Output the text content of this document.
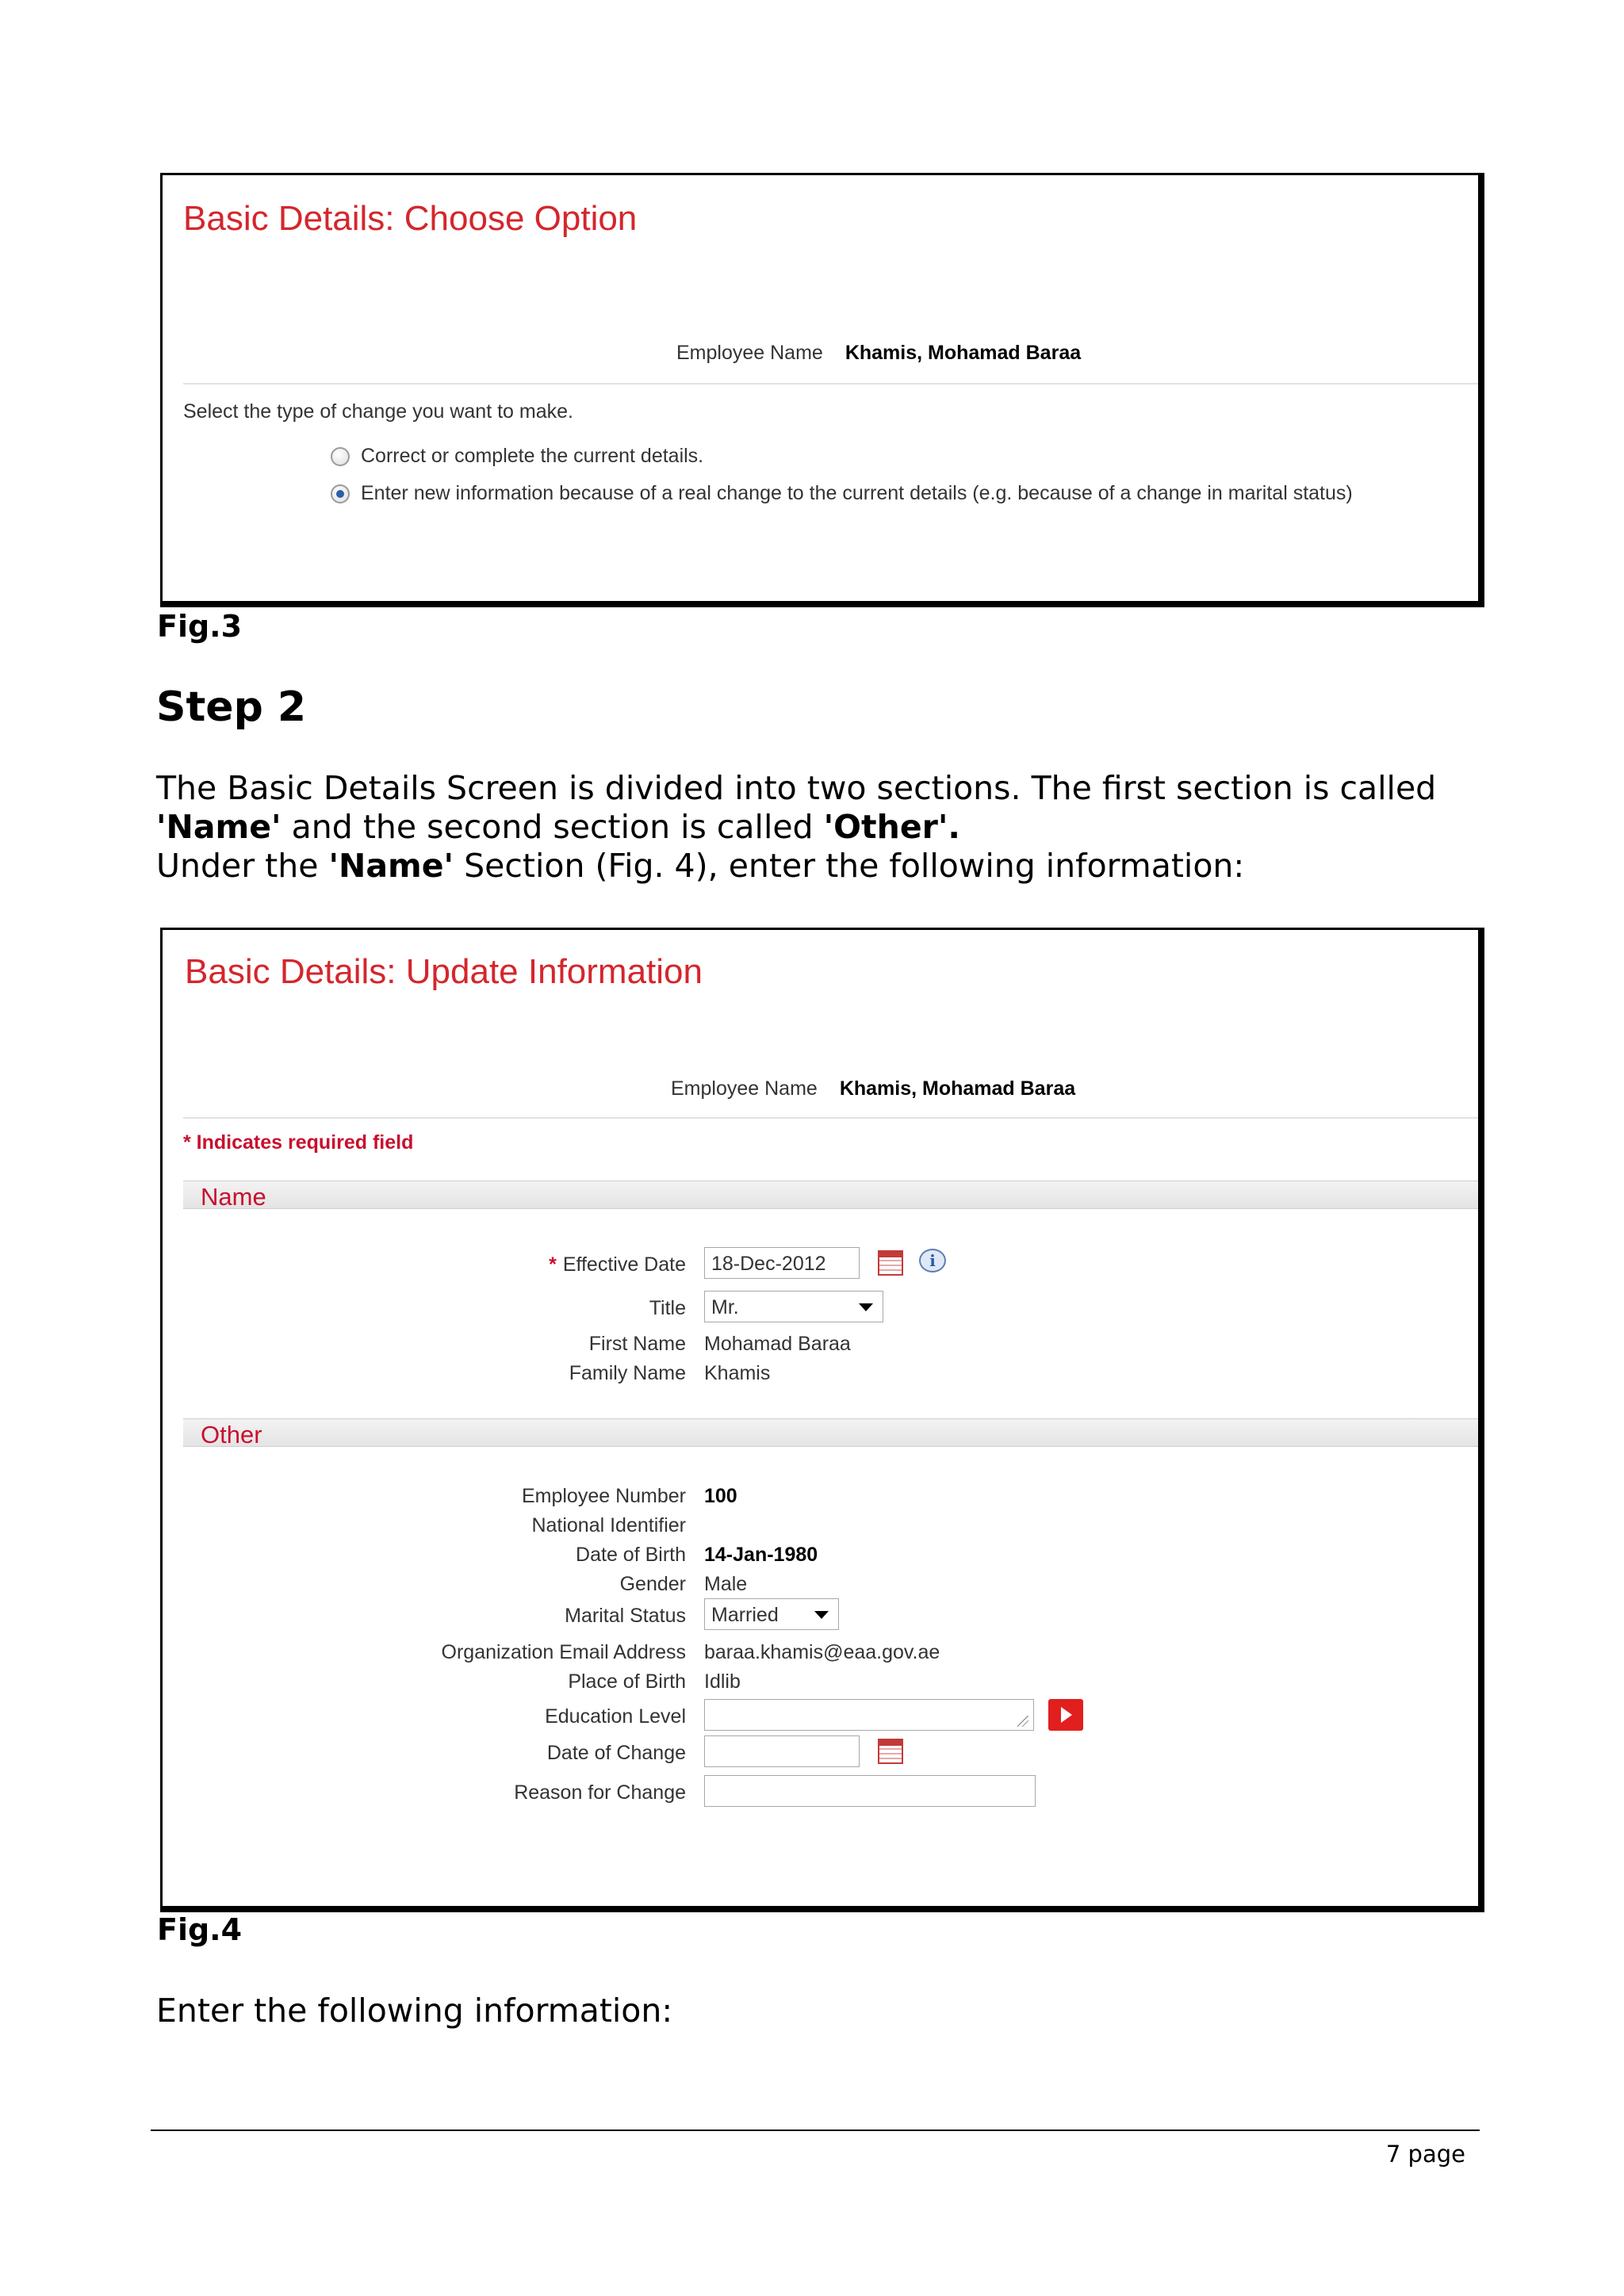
Basic Details: Choose Option
Employee Name Khamis, Mohamad Baraa
Select the type of change you want to make.
Correct or complete the current details.
Enter new information because of a real change to the current details (e.g. because of a change in marital status)
Fig.3
Step 2
The Basic Details Screen is divided into two sections. The first section is called
'Name' and the second section is called 'Other'.
Under the 'Name' Section (Fig. 4), enter the following information:
Basic Details: Update Information
Employee Name Khamis, Mohamad Baraa
* Indicates required field
Name
* Effective Date	18-Dec-2012	i
Title	Mr.
First Name Mohamad Baraa
Family Name Khamis
Other
Employee Number 100
National Identifier
Date of Birth 14-Jan-1980
Gender Male
Marital Status	Married
Organization Email Address baraa.khamis@eaa.gov.ae
Place of Birth Idlib
Education Level
Date of Change
Reason for Change
Fig.4
Enter the following information:
7 page
